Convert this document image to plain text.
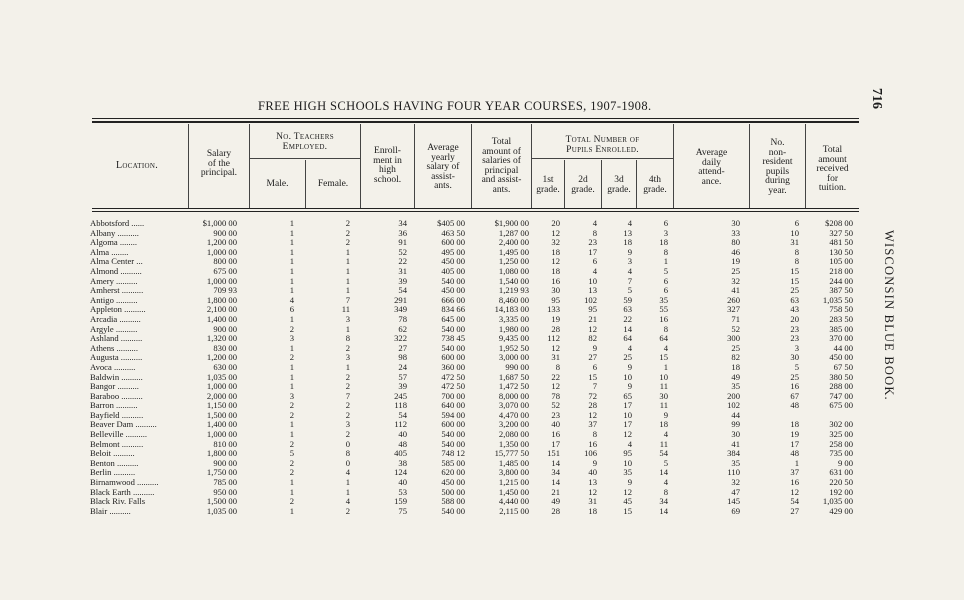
FREE HIGH SCHOOLS HAVING FOUR YEAR COURSES, 1907-1908.	716
WISCONSIN BLUE BOOK.
Location.
Salary
of the
principal.
No. Teachers
Employed.
Male.	Female.
Enroll-
ment in
high
school.
Average
yearly
salary of
assist-
ants.
Total
amount of
salaries of
principal
and assist-
ants.
Total Number of
Pupils Enrolled.
1st
grade.
2d
grade.
3d
grade.
4th
grade.
Average
daily
attend-
ance.
No.
non-
resident
pupils
during
year.
Total
amount
received
for
tuition.
Abbotsford ......	$1,000 00	1	2	34	$405 00	$1,900 00	20	4	4	6	30	6	$208 00
Albany ..........	900 00	1	2	36	463 50	1,287 00	12	8	13	3	33	10	327 50
Algoma ........	1,200 00	1	2	91	600 00	2,400 00	32	23	18	18	80	31	481 50
Alma ........	1,000 00	1	1	52	495 00	1,495 00	18	17	9	8	46	8	130 50
Alma Center ...	800 00	1	1	22	450 00	1,250 00	12	6	3	1	19	8	105 00
Almond ..........	675 00	1	1	31	405 00	1,080 00	18	4	4	5	25	15	218 00
Amery ..........	1,000 00	1	1	39	540 00	1,540 00	16	10	7	6	32	15	244 00
Amherst ..........	709 93	1	1	54	450 00	1,219 93	30	13	5	6	41	25	387 50
Antigo ..........	1,800 00	4	7	291	666 00	8,460 00	95	102	59	35	260	63	1,035 50
Appleton ..........	2,100 00	6	11	349	834 66	14,183 00	133	95	63	55	327	43	758 50
Arcadia ..........	1,400 00	1	3	78	645 00	3,335 00	19	21	22	16	71	20	283 50
Argyle ..........	900 00	2	1	62	540 00	1,980 00	28	12	14	8	52	23	385 00
Ashland ..........	1,320 00	3	8	322	738 45	9,435 00	112	82	64	64	300	23	370 00
Athens ..........	830 00	1	2	27	540 00	1,952 50	12	9	4	4	25	3	44 00
Augusta ..........	1,200 00	2	3	98	600 00	3,000 00	31	27	25	15	82	30	450 00
Avoca ..........	630 00	1	1	24	360 00	990 00	8	6	9	1	18	5	67 50
Baldwin ..........	1,035 00	1	2	57	472 50	1,687 50	22	15	10	10	49	25	380 50
Bangor ..........	1,000 00	1	2	39	472 50	1,472 50	12	7	9	11	35	16	288 00
Baraboo ..........	2,000 00	3	7	245	700 00	8,000 00	78	72	65	30	200	67	747 00
Barron ..........	1,150 00	2	2	118	640 00	3,070 00	52	28	17	11	102	48	675 00
Bayfield ..........	1,500 00	2	2	54	594 00	4,470 00	23	12	10	9	44
Beaver Dam ..........	1,400 00	1	3	112	600 00	3,200 00	40	37	17	18	99	18	302 00
Belleville ..........	1,000 00	1	2	40	540 00	2,080 00	16	8	12	4	30	19	325 00
Belmont ..........	810 00	2	0	48	540 00	1,350 00	17	16	4	11	41	17	258 00
Beloit ..........	1,800 00	5	8	405	748 12	15,777 50	151	106	95	54	384	48	735 00
Benton ..........	900 00	2	0	38	585 00	1,485 00	14	9	10	5	35	1	9 00
Berlin ..........	1,750 00	2	4	124	620 00	3,800 00	34	40	35	14	110	37	631 00
Birnamwood ..........	785 00	1	1	40	450 00	1,215 00	14	13	9	4	32	16	220 50
Black Earth ..........	950 00	1	1	53	500 00	1,450 00	21	12	12	8	47	12	192 00
Black Riv. Falls	1,500 00	2	4	159	588 00	4,440 00	49	31	45	34	145	54	1,035 00
Blair ..........	1,035 00	1	2	75	540 00	2,115 00	28	18	15	14	69	27	429 00
